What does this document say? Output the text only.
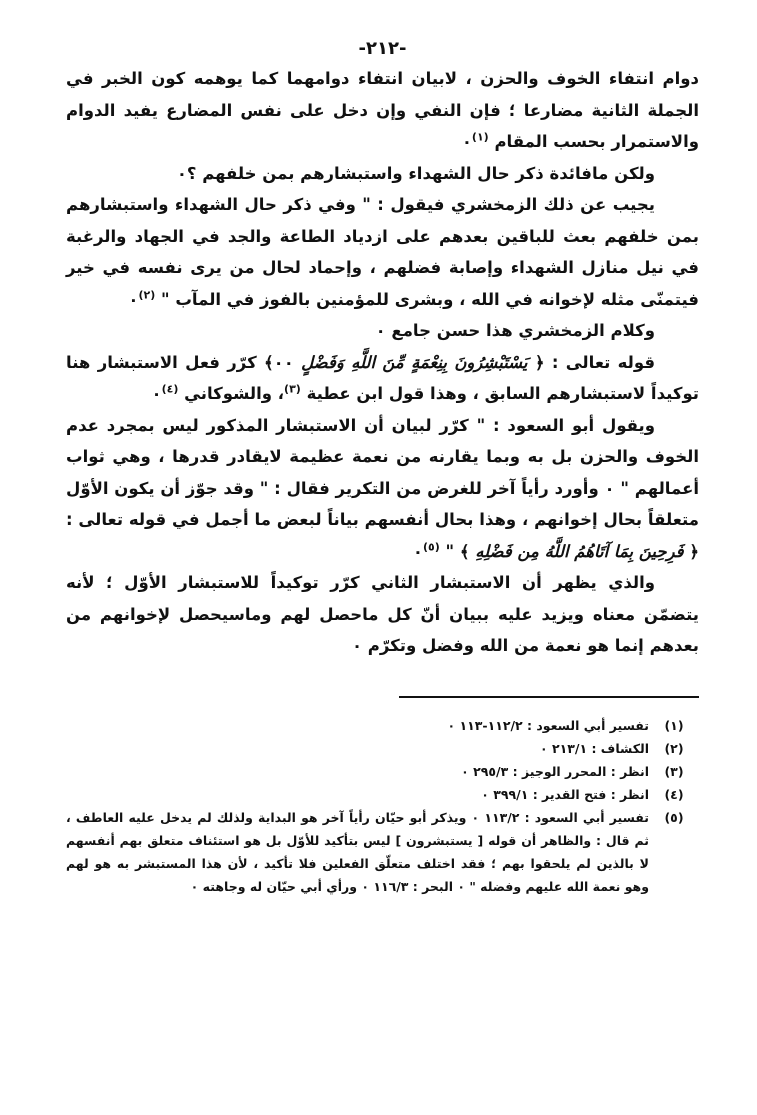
-٢١٢-

دوام انتفاء الخوف والحزن ، لابيان انتفاء دوامهما كما يوهمه كون الخبر في الجملة الثانية مضارعا ؛ فإن النفي وإن دخل على نفس المضارع يفيد الدوام والاستمرار بحسب المقام $^{(١)}$٠

ولكن مافائدة ذكر حال الشهداء واستبشارهم بمن خلفهم ؟٠

يجيب عن ذلك الزمخشري فيقول : " وفي ذكر حال الشهداء واستبشارهم بمن خلفهم بعث للباقين بعدهم على ازدياد الطاعة والجد في الجهاد والرغبة في نيل منازل الشهداء وإصابة فضلهم ، وإحماد لحال من يرى نفسه في خير فيتمنّى مثله لإخوانه في الله ، وبشرى للمؤمنين بالفوز في المآب " $^{(٢)}$٠

وكلام الزمخشري هذا حسن جامع ٠

قوله تعالى : ﴿ يَسْتَبْشِرُونَ بِنِعْمَةٍ مِّنَ اللَّهِ وَفَضْلٍ ٠٠﴾ كرّر فعل الاستبشار هنا توكيداً لاستبشارهم السابق ، وهذا قول ابن عطية $^{(٣)}$، والشوكاني $^{(٤)}$٠

ويقول أبو السعود : " كرّر لبيان أن الاستبشار المذكور ليس بمجرد عدم الخوف والحزن بل به وبما يقارنه من نعمة عظيمة لايقادر قدرها ، وهي ثواب أعمالهم " ٠ وأورد رأياً آخر للغرض من التكرير فقال : " وقد جوّز أن يكون الأوّل متعلقاً بحال إخوانهم ، وهذا بحال أنفسهم بياناً لبعض ما أجمل في قوله تعالى : ﴿ فَرِحِينَ بِمَا آتَاهُمُ اللَّهُ مِن فَضْلِهِ ﴾ " $^{(٥)}$٠

والذي يظهر أن الاستبشار الثاني كرّر توكيداً للاستبشار الأوّل ؛ لأنه يتضمّن معناه ويزيد عليه ببيان أنّ كل ماحصل لهم وماسيحصل لإخوانهم من بعدهم إنما هو نعمة من الله وفضل وتكرّم ٠

(١)
تفسير أبي السعود : ١١٢/٢-١١٣ ٠
(٢)
الكشاف : ٢١٣/١ ٠
(٣)
انظر : المحرر الوجيز : ٢٩٥/٣ ٠
(٤)
انظر : فتح القدير : ٣٩٩/١ ٠
(٥)
تفسير أبي السعود : ١١٣/٢ ٠ ويذكر أبو حيّان رأياً آخر هو البداية ولذلك لم يدخل عليه العاطف ، ثم قال : والظاهر أن قوله [ يستبشرون ] ليس بتأكيد للأوّل بل هو استئناف متعلق بهم أنفسهم لا بالذين لم يلحقوا بهم ؛ فقد اختلف متعلّق الفعلين فلا تأكيد ، لأن هذا المستبشر به هو لهم وهو نعمة الله عليهم وفضله " ٠ البحر : ١١٦/٣ ٠ ورأي أبي حيّان له وجاهته ٠
